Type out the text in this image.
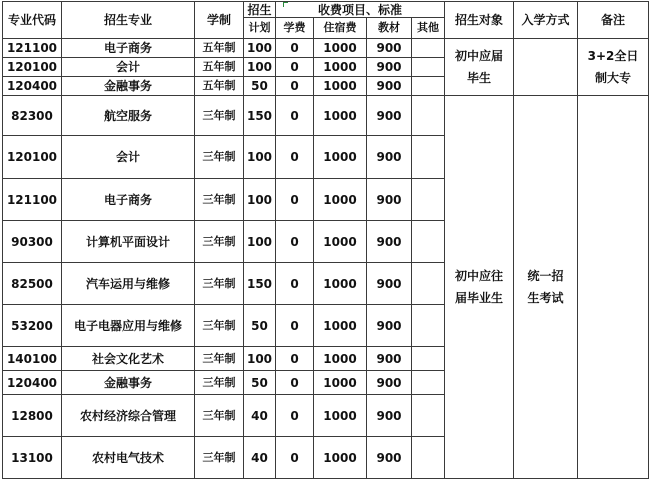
专业代码	招生专业	学制	招生	收费项目、标准				招生对象	入学方式	备注
			计划	学费	住宿费	教材	其他			
121100	电子商务	五年制	100	0	1000	900		初中应届毕生		3+2全日制大专
120100	会计	五年制	100	0	1000	900				
120400	金融事务	五年制	50	0	1000	900				
82300	航空服务	三年制	150	0	1000	900		初中应往届毕业生	统一招生考试	
120100	会计	三年制	100	0	1000	900				
121100	电子商务	三年制	100	0	1000	900				
90300	计算机平面设计	三年制	100	0	1000	900				
82500	汽车运用与维修	三年制	150	0	1000	900				
53200	电子电器应用与维修	三年制	50	0	1000	900				
140100	社会文化艺术	三年制	100	0	1000	900				
120400	金融事务	三年制	50	0	1000	900				
12800	农村经济综合管理	三年制	40	0	1000	900				
13100	农村电气技术	三年制	40	0	1000	900				
